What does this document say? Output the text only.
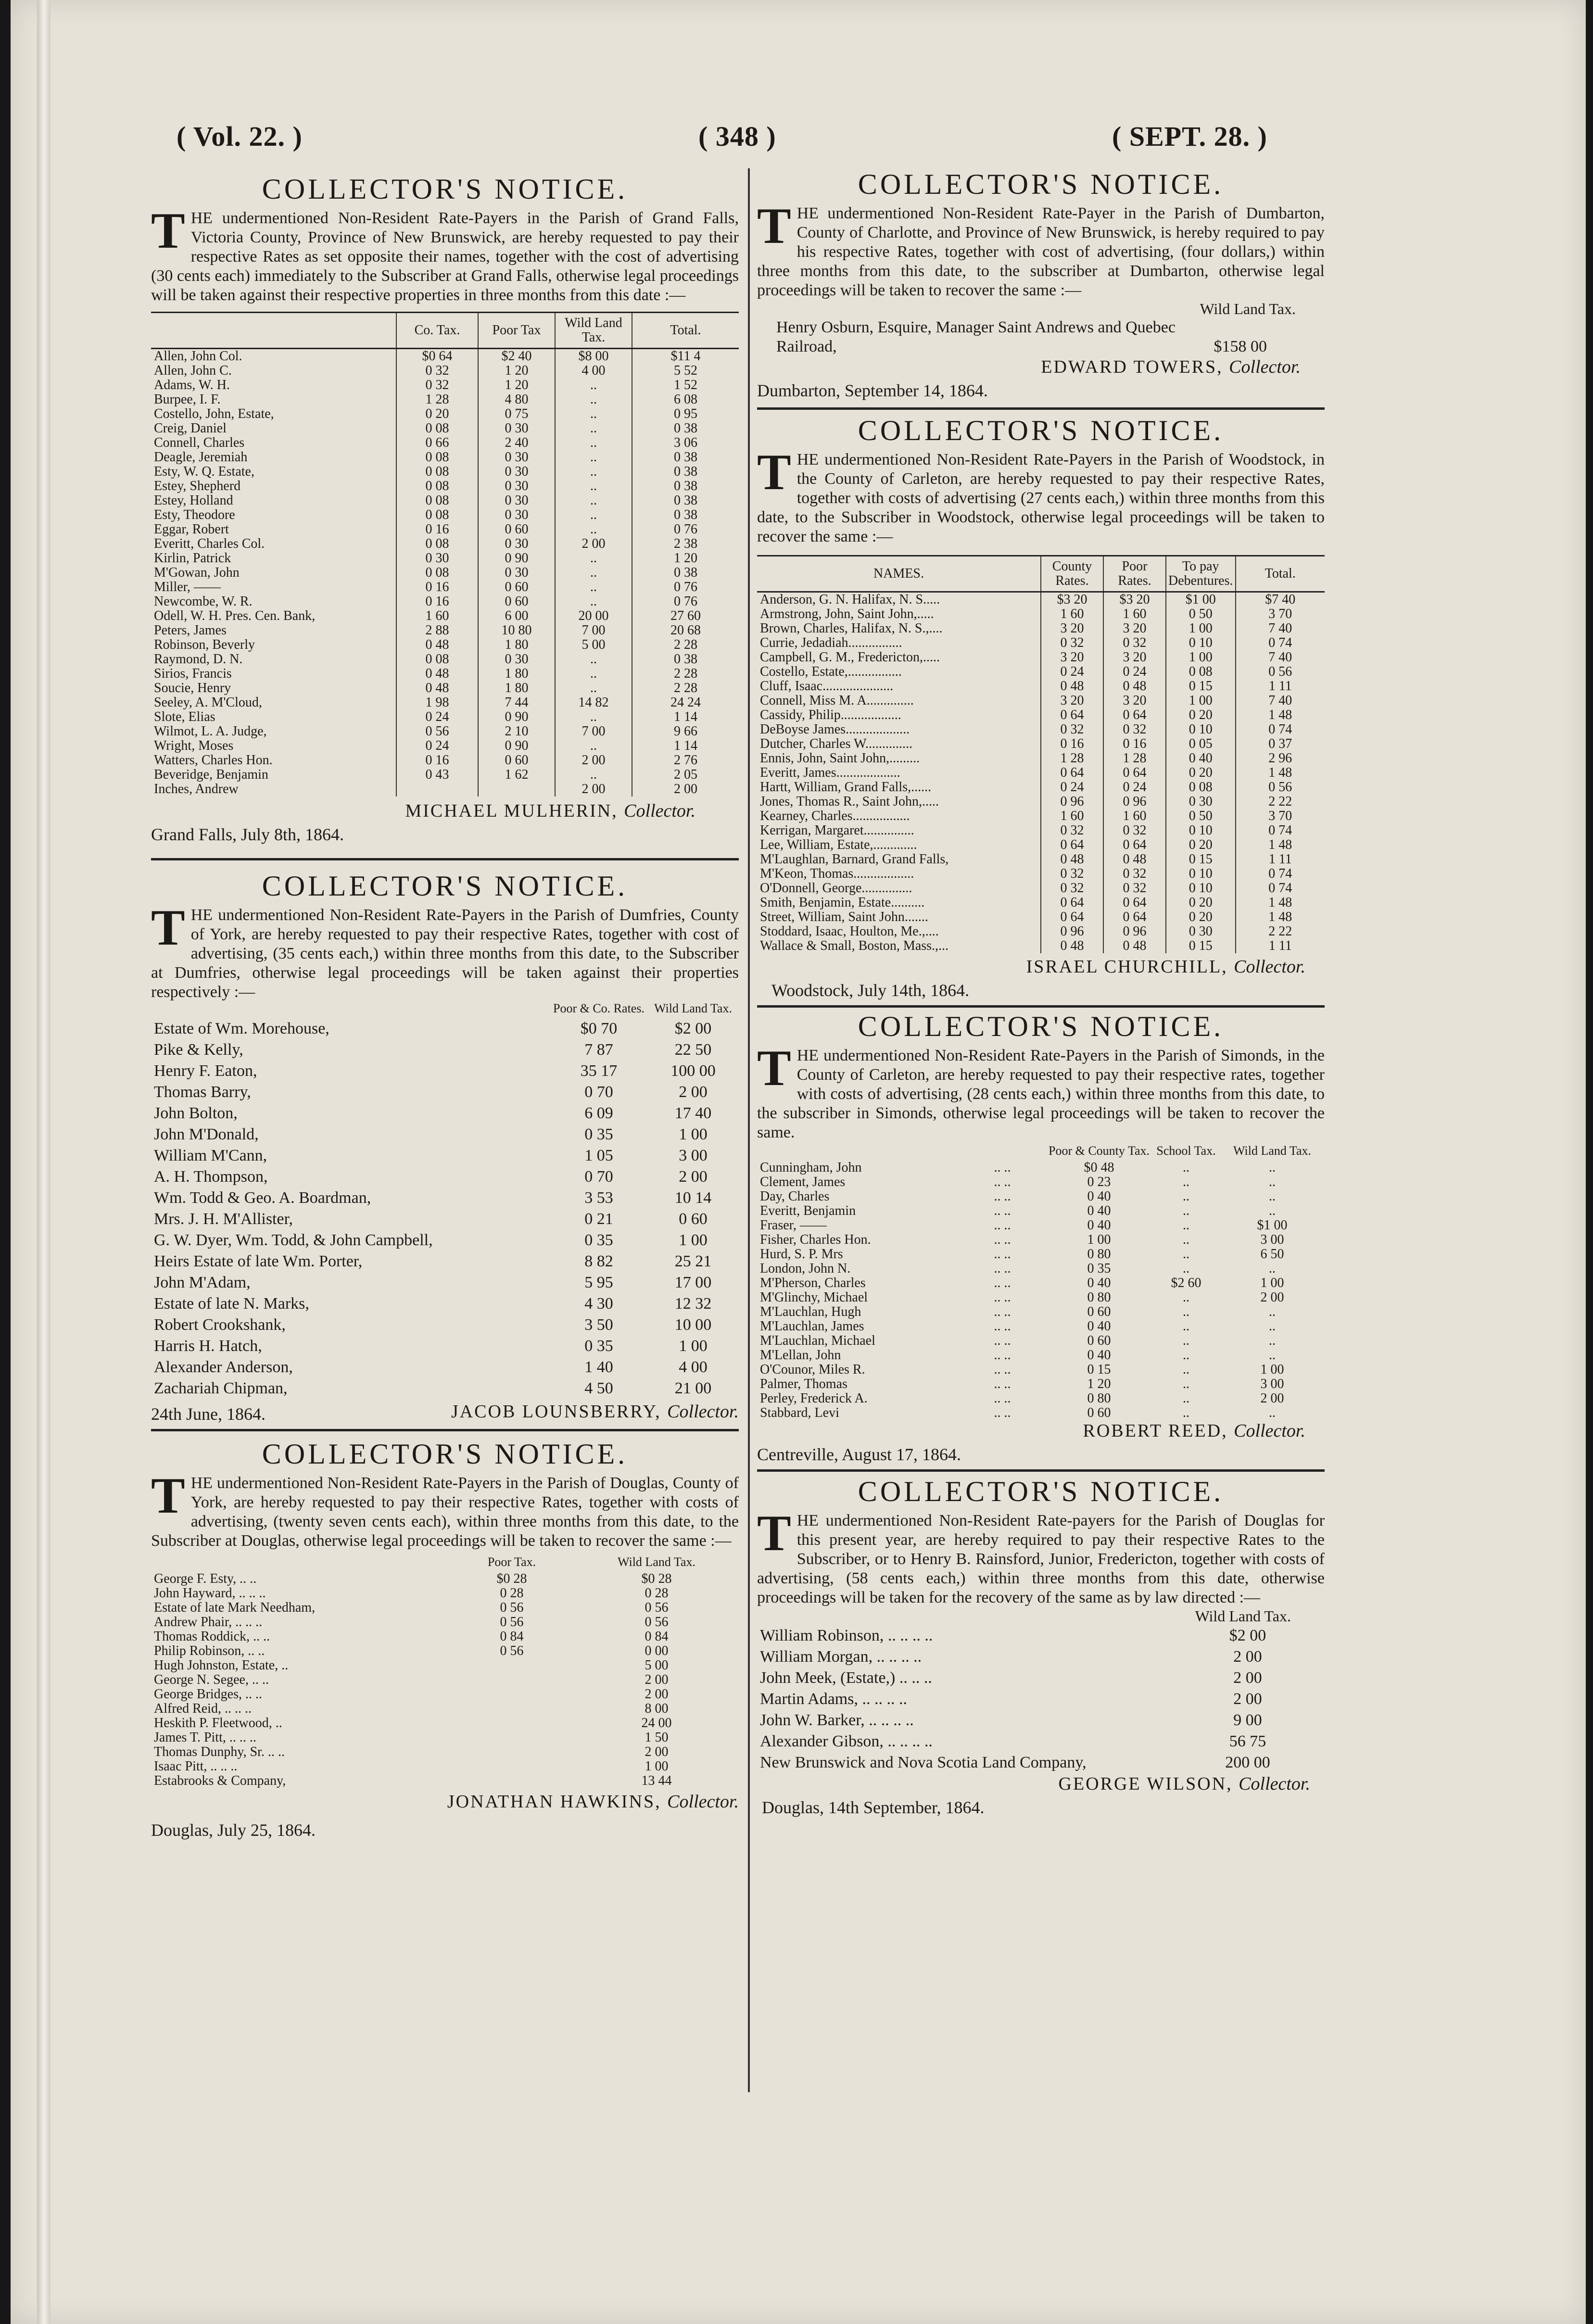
( Vol. 22. )	( 348 )	( SEPT. 28. )
COLLECTOR'S NOTICE.
THE undermentioned Non-Resident Rate-Payers in the Parish of Grand Falls, Victoria County, Province of New Brunswick, are hereby requested to pay their respective Rates as set opposite their names, together with the cost of advertising (30 cents each) immediately to the Subscriber at Grand Falls, otherwise legal proceedings will be taken against their respective properties in three months from this date :—
	Co. Tax.	Poor Tax	Wild Land Tax.	Total.
Allen, John Col.	$0 64	$2 40	$8 00	$11 4
Allen, John C.	0 32	1 20	4 00	5 52
Adams, W. H.	0 32	1 20	..	1 52
Burpee, I. F.	1 28	4 80	..	6 08
Costello, John, Estate,	0 20	0 75	..	0 95
Creig, Daniel	0 08	0 30	..	0 38
Connell, Charles	0 66	2 40	..	3 06
Deagle, Jeremiah	0 08	0 30	..	0 38
Esty, W. Q. Estate,	0 08	0 30	..	0 38
Estey, Shepherd	0 08	0 30	..	0 38
Estey, Holland	0 08	0 30	..	0 38
Esty, Theodore	0 08	0 30	..	0 38
Eggar, Robert	0 16	0 60	..	0 76
Everitt, Charles Col.	0 08	0 30	2 00	2 38
Kirlin, Patrick	0 30	0 90	..	1 20
M'Gowan, John	0 08	0 30	..	0 38
Miller, ——	0 16	0 60	..	0 76
Newcombe, W. R.	0 16	0 60	..	0 76
Odell, W. H. Pres. Cen. Bank,	1 60	6 00	20 00	27 60
Peters, James	2 88	10 80	7 00	20 68
Robinson, Beverly	0 48	1 80	5 00	2 28
Raymond, D. N.	0 08	0 30	..	0 38
Sirios, Francis	0 48	1 80	..	2 28
Soucie, Henry	0 48	1 80	..	2 28
Seeley, A. M'Cloud,	1 98	7 44	14 82	24 24
Slote, Elias	0 24	0 90	..	1 14
Wilmot, L. A. Judge,	0 56	2 10	7 00	9 66
Wright, Moses	0 24	0 90	..	1 14
Watters, Charles Hon.	0 16	0 60	2 00	2 76
Beveridge, Benjamin	0 43	1 62	..	2 05
Inches, Andrew			2 00	2 00
MICHAEL MULHERIN, Collector.
Grand Falls, July 8th, 1864.
COLLECTOR'S NOTICE.
THE undermentioned Non-Resident Rate-Payers in the Parish of Dumfries, County of York, are hereby requested to pay their respective Rates, together with cost of advertising, (35 cents each,) within three months from this date, to the Subscriber at Dumfries, otherwise legal proceedings will be taken against their properties respectively :—
	Poor & Co. Rates.	Wild Land Tax.
Estate of Wm. Morehouse,	$0 70	$2 00
Pike & Kelly,	7 87	22 50
Henry F. Eaton,	35 17	100 00
Thomas Barry,	0 70	2 00
John Bolton,	6 09	17 40
John M'Donald,	0 35	1 00
William M'Cann,	1 05	3 00
A. H. Thompson,	0 70	2 00
Wm. Todd & Geo. A. Boardman,	3 53	10 14
Mrs. J. H. M'Allister,	0 21	0 60
G. W. Dyer, Wm. Todd, & John Campbell,	0 35	1 00
Heirs Estate of late Wm. Porter,	8 82	25 21
John M'Adam,	5 95	17 00
Estate of late N. Marks,	4 30	12 32
Robert Crookshank,	3 50	10 00
Harris H. Hatch,	0 35	1 00
Alexander Anderson,	1 40	4 00
Zachariah Chipman,	4 50	21 00
24th June, 1864.	JACOB LOUNSBERRY, Collector.
COLLECTOR'S NOTICE.
THE undermentioned Non-Resident Rate-Payers in the Parish of Douglas, County of York, are hereby requested to pay their respective Rates, together with costs of advertising, (twenty seven cents each), within three months from this date, to the Subscriber at Douglas, otherwise legal proceedings will be taken to recover the same :—
	Poor Tax.	Wild Land Tax.
George F. Esty, .. ..	$0 28	$0 28
John Hayward, .. .. ..	0 28	0 28
Estate of late Mark Needham,	0 56	0 56
Andrew Phair, .. .. ..	0 56	0 56
Thomas Roddick, .. ..	0 84	0 84
Philip Robinson, .. ..	0 56	0 00
Hugh Johnston, Estate, ..		5 00
George N. Segee, .. ..		2 00
George Bridges, .. ..		2 00
Alfred Reid, .. .. ..		8 00
Heskith P. Fleetwood, ..		24 00
James T. Pitt, .. .. ..		1 50
Thomas Dunphy, Sr. .. ..		2 00
Isaac Pitt, .. .. ..		1 00
Estabrooks & Company,		13 44
JONATHAN HAWKINS, Collector.
Douglas, July 25, 1864.
COLLECTOR'S NOTICE.
THE undermentioned Non-Resident Rate-Payer in the Parish of Dumbarton, County of Charlotte, and Province of New Brunswick, is hereby required to pay his respective Rates, together with cost of advertising, (four dollars,) within three months from this date, to the subscriber at Dumbarton, otherwise legal proceedings will be taken to recover the same :—
Wild Land Tax.
Henry Osburn, Esquire, Manager Saint Andrews and Quebec Railroad,	$158 00
EDWARD TOWERS, Collector.
Dumbarton, September 14, 1864.
COLLECTOR'S NOTICE.
THE undermentioned Non-Resident Rate-Payers in the Parish of Woodstock, in the County of Carleton, are hereby requested to pay their respective Rates, together with costs of advertising (27 cents each,) within three months from this date, to the Subscriber in Woodstock, otherwise legal proceedings will be taken to recover the same :—
NAMES.	County Rates.	Poor Rates.	To pay Debentures.	Total.
Anderson, G. N. Halifax, N. S.....	$3 20	$3 20	$1 00	$7 40
Armstrong, John, Saint John,.....	1 60	1 60	0 50	3 70
Brown, Charles, Halifax, N. S.,....	3 20	3 20	1 00	7 40
Currie, Jedadiah................	0 32	0 32	0 10	0 74
Campbell, G. M., Fredericton,.....	3 20	3 20	1 00	7 40
Costello, Estate,................	0 24	0 24	0 08	0 56
Cluff, Isaac.....................	0 48	0 48	0 15	1 11
Connell, Miss M. A..............	3 20	3 20	1 00	7 40
Cassidy, Philip..................	0 64	0 64	0 20	1 48
DeBoyse James...................	0 32	0 32	0 10	0 74
Dutcher, Charles W..............	0 16	0 16	0 05	0 37
Ennis, John, Saint John,.........	1 28	1 28	0 40	2 96
Everitt, James...................	0 64	0 64	0 20	1 48
Hartt, William, Grand Falls,......	0 24	0 24	0 08	0 56
Jones, Thomas R., Saint John,.....	0 96	0 96	0 30	2 22
Kearney, Charles.................	1 60	1 60	0 50	3 70
Kerrigan, Margaret...............	0 32	0 32	0 10	0 74
Lee, William, Estate,.............	0 64	0 64	0 20	1 48
M'Laughlan, Barnard, Grand Falls,	0 48	0 48	0 15	1 11
M'Keon, Thomas..................	0 32	0 32	0 10	0 74
O'Donnell, George...............	0 32	0 32	0 10	0 74
Smith, Benjamin, Estate..........	0 64	0 64	0 20	1 48
Street, William, Saint John.......	0 64	0 64	0 20	1 48
Stoddard, Isaac, Houlton, Me.,....	0 96	0 96	0 30	2 22
Wallace & Small, Boston, Mass.,...	0 48	0 48	0 15	1 11
ISRAEL CHURCHILL, Collector.
Woodstock, July 14th, 1864.
COLLECTOR'S NOTICE.
THE undermentioned Non-Resident Rate-Payers in the Parish of Simonds, in the County of Carleton, are hereby requested to pay their respective rates, together with costs of advertising, (28 cents each,) within three months from this date, to the subscriber in Simonds, otherwise legal proceedings will be taken to recover the same.
		Poor & County Tax.	School Tax.	Wild Land Tax.
Cunningham, John	.. ..	$0 48	..	..
Clement, James	.. ..	0 23	..	..
Day, Charles	.. ..	0 40	..	..
Everitt, Benjamin	.. ..	0 40	..	..
Fraser, ——	.. ..	0 40	..	$1 00
Fisher, Charles Hon.	.. ..	1 00	..	3 00
Hurd, S. P. Mrs	.. ..	0 80	..	6 50
London, John N.	.. ..	0 35	..	..
M'Pherson, Charles	.. ..	0 40	$2 60	1 00
M'Glinchy, Michael	.. ..	0 80	..	2 00
M'Lauchlan, Hugh	.. ..	0 60	..	..
M'Lauchlan, James	.. ..	0 40	..	..
M'Lauchlan, Michael	.. ..	0 60	..	..
M'Lellan, John	.. ..	0 40	..	..
O'Counor, Miles R.	.. ..	0 15	..	1 00
Palmer, Thomas	.. ..	1 20	..	3 00
Perley, Frederick A.	.. ..	0 80	..	2 00
Stabbard, Levi	.. ..	0 60	..	..
ROBERT REED, Collector.
Centreville, August 17, 1864.
COLLECTOR'S NOTICE.
THE undermentioned Non-Resident Rate-payers for the Parish of Douglas for this present year, are hereby required to pay their respective Rates to the Subscriber, or to Henry B. Rainsford, Junior, Fredericton, together with costs of advertising, (58 cents each,) within three months from this date, otherwise proceedings will be taken for the recovery of the same as by law directed :—
Wild Land Tax.
William Robinson, .. .. .. ..	$2 00
William Morgan, .. .. .. ..	2 00
John Meek, (Estate,) .. .. ..	2 00
Martin Adams, .. .. .. ..	2 00
John W. Barker, .. .. .. ..	9 00
Alexander Gibson, .. .. .. ..	56 75
New Brunswick and Nova Scotia Land Company,	200 00
GEORGE WILSON, Collector.
Douglas, 14th September, 1864.
